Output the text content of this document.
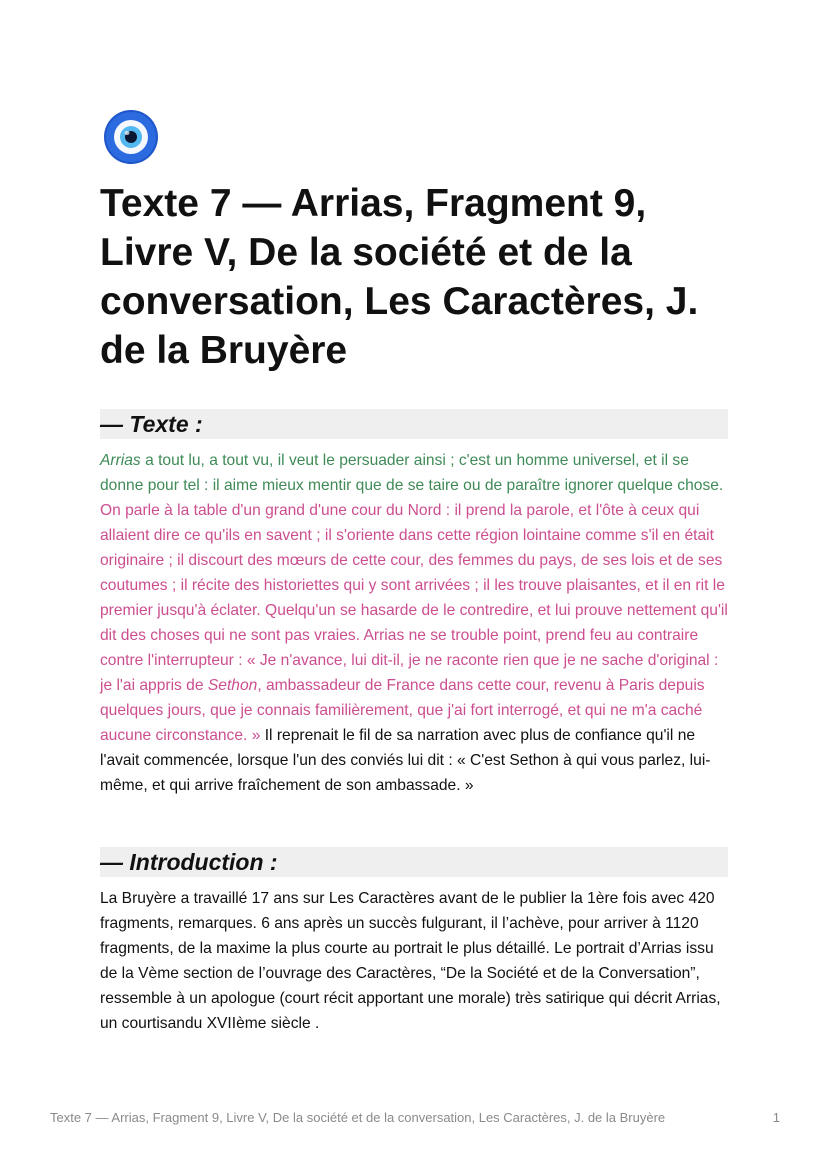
Texte 7 — Arrias, Fragment 9, Livre V, De la société et de la conversation, Les Caractères, J. de la Bruyère
— Texte :

Arrias a tout lu, a tout vu, il veut le persuader ainsi ; c'est un homme universel, et il se donne pour tel : il aime mieux mentir que de se taire ou de paraître ignorer quelque chose. On parle à la table d'un grand d'une cour du Nord : il prend la parole, et l'ôte à ceux qui allaient dire ce qu'ils en savent ; il s'oriente dans cette région lointaine comme s'il en était originaire ; il discourt des mœurs de cette cour, des femmes du pays, de ses lois et de ses coutumes ; il récite des historiettes qui y sont arrivées ; il les trouve plaisantes, et il en rit le premier jusqu'à éclater. Quelqu'un se hasarde de le contredire, et lui prouve nettement qu'il dit des choses qui ne sont pas vraies. Arrias ne se trouble point, prend feu au contraire contre l'interrupteur : « Je n'avance, lui dit-il, je ne raconte rien que je ne sache d'original : je l'ai appris de Sethon, ambassadeur de France dans cette cour, revenu à Paris depuis quelques jours, que je connais familièrement, que j'ai fort interrogé, et qui ne m'a caché aucune circonstance. » Il reprenait le fil de sa narration avec plus de confiance qu'il ne l'avait commencée, lorsque l'un des conviés lui dit : « C'est Sethon à qui vous parlez, lui-même, et qui arrive fraîchement de son ambassade. »

— Introduction :

La Bruyère a travaillé 17 ans sur Les Caractères avant de le publier la 1ère fois avec 420 fragments, remarques. 6 ans après un succès fulgurant, il l’achève, pour arriver à 1120 fragments, de la maxime la plus courte au portrait le plus détaillé. Le portrait d’Arrias issu de la Vème section de l’ouvrage des Caractères, “De la Société et de la Conversation”, ressemble à un apologue (court récit apportant une morale) très satirique qui décrit Arrias, un courtisandu XVIIème siècle .

Texte 7 — Arrias, Fragment 9, Livre V, De la société et de la conversation, Les Caractères, J. de la Bruyère	1
